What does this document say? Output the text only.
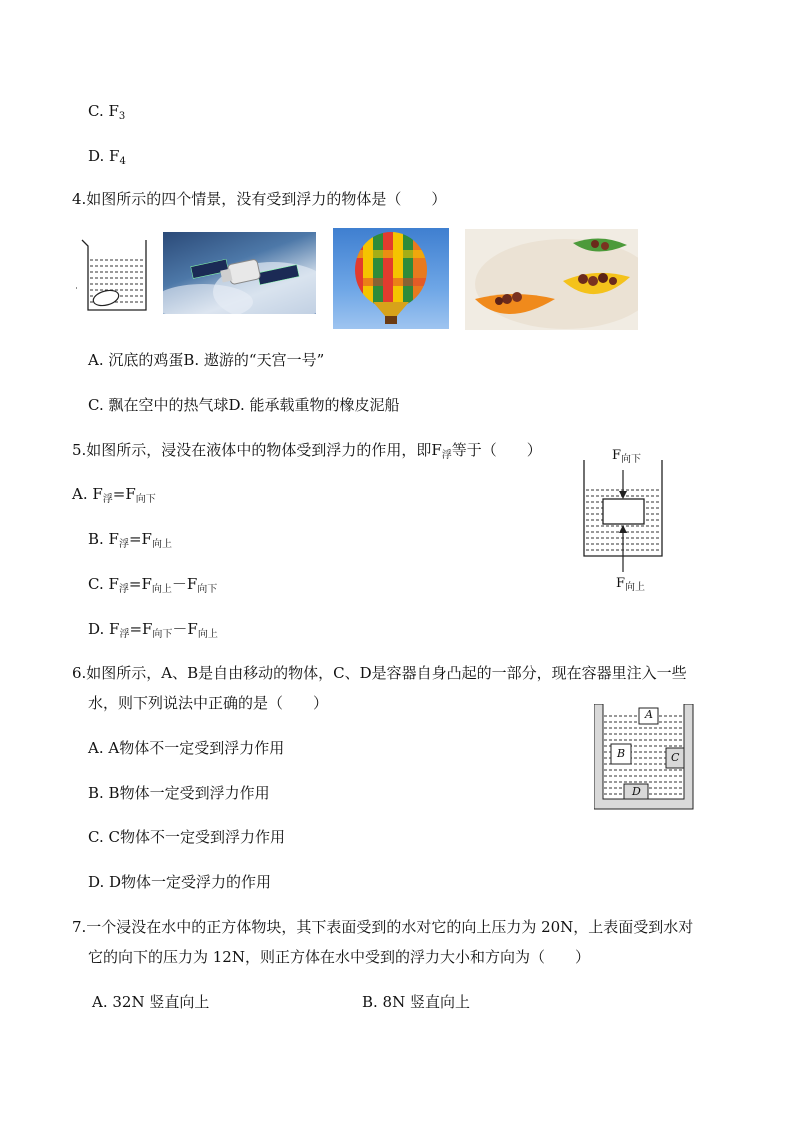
C. $F_3$
D. $F_4$
4.如图所示的四个情景，没有受到浮力的物体是（　　）
A. 沉底的鸡蛋B. 遨游的“天宫一号”
C. 飘在空中的热气球D. 能承载重物的橡皮泥船
5.如图所示，浸没在液体中的物体受到浮力的作用，即$F_浮$等于（　　）
A. $F_浮=F_{向下}$
B. $F_浮=F_{向上}$
C. $F_浮=F_{向上}-F_{向下}$
D. $F_浮=F_{向下}-F_{向上}$
$F_{向下}$
$F_{向上}$
6.如图所示，A、B是自由移动的物体，C、D是容器自身凸起的一部分，现在容器里注入一些
水，则下列说法中正确的是（　　）
A. A物体不一定受到浮力作用
B. B物体一定受到浮力作用
C. C物体不一定受到浮力作用
D. D物体一定受浮力的作用
A
B	C
D
7.一个浸没在水中的正方体物块，其下表面受到的水对它的向上压力为 20N，上表面受到水对
它的向下的压力为 12N，则正方体在水中受到的浮力大小和方向为（　　）
A. 32N 竖直向上	B. 8N 竖直向上
